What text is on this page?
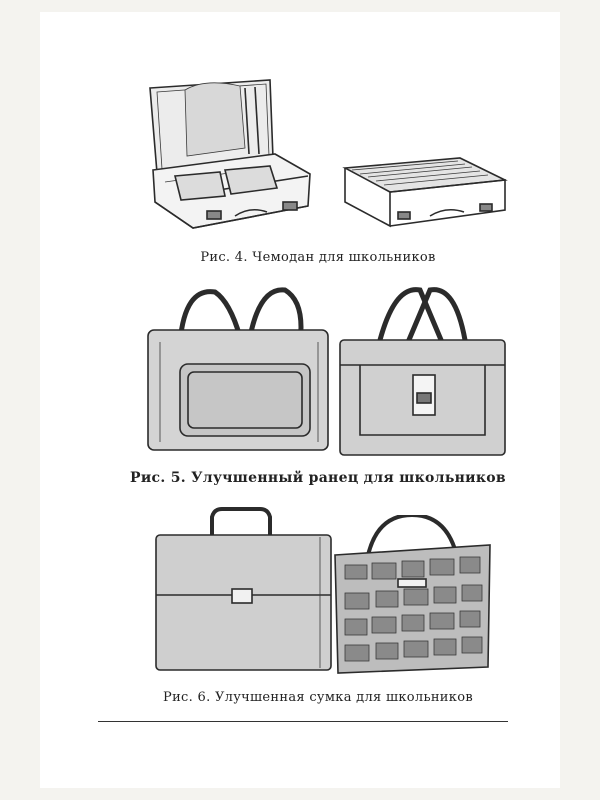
Рис. 4. Чемодан для школьников
Рис. 5. Улучшенный ранец для школьников
Рис. 6. Улучшенная сумка для школьников
